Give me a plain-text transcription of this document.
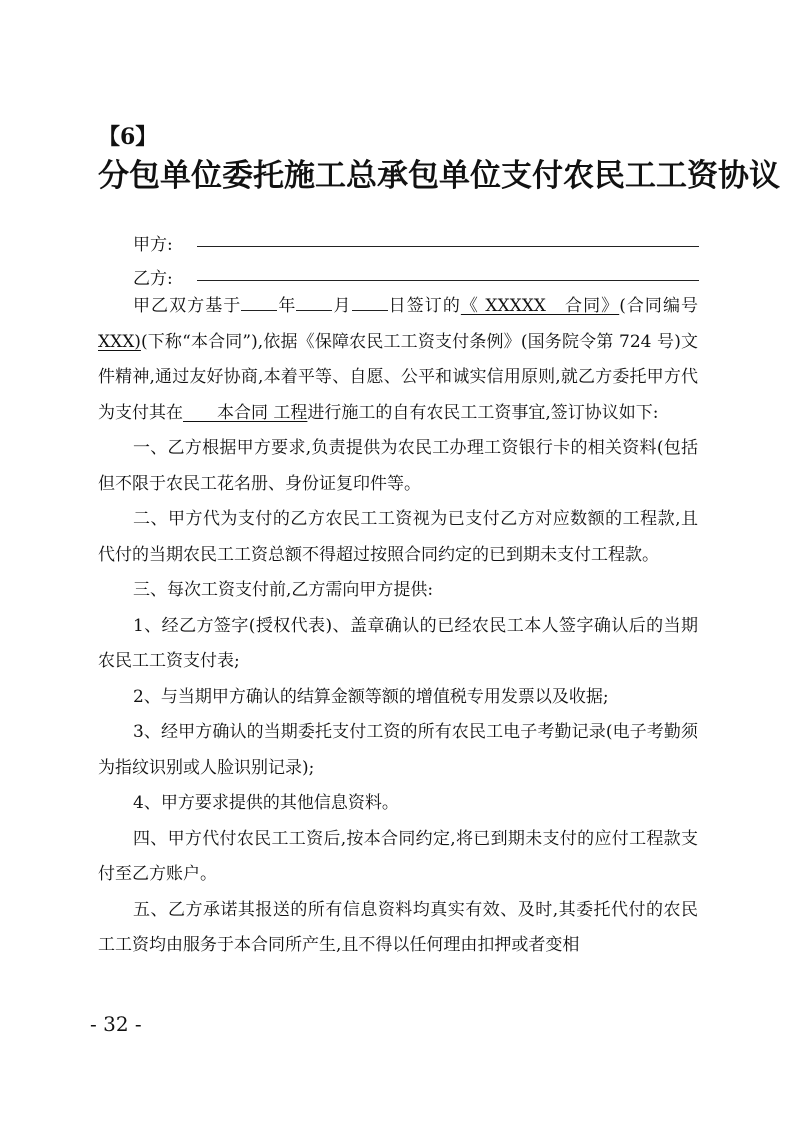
【6】
分包单位委托施工总承包单位支付农民工工资协议
甲方:
乙方:

甲乙双方基于 年 月 日签订的《 XXXXX　合同》(合同编号XXX)(下称“本合同”),依据《保障农民工工资支付条例》(国务院令第 724 号)文件精神,通过友好协商,本着平等、自愿、公平和诚实信用原则,就乙方委托甲方代为支付其在　　本合同 工程进行施工的自有农民工工资事宜,签订协议如下:

一、乙方根据甲方要求,负责提供为农民工办理工资银行卡的相关资料(包括但不限于农民工花名册、身份证复印件等。

二、甲方代为支付的乙方农民工工资视为已支付乙方对应数额的工程款,且代付的当期农民工工资总额不得超过按照合同约定的已到期未支付工程款。

三、每次工资支付前,乙方需向甲方提供:

1、经乙方签字(授权代表)、盖章确认的已经农民工本人签字确认后的当期农民工工资支付表;

2、与当期甲方确认的结算金额等额的增值税专用发票以及收据;

3、经甲方确认的当期委托支付工资的所有农民工电子考勤记录(电子考勤须为指纹识别或人脸识别记录);

4、甲方要求提供的其他信息资料。

四、甲方代付农民工工资后,按本合同约定,将已到期未支付的应付工程款支付至乙方账户。

五、乙方承诺其报送的所有信息资料均真实有效、及时,其委托代付的农民工工资均由服务于本合同所产生,且不得以任何理由扣押或者变相

- 32 -
